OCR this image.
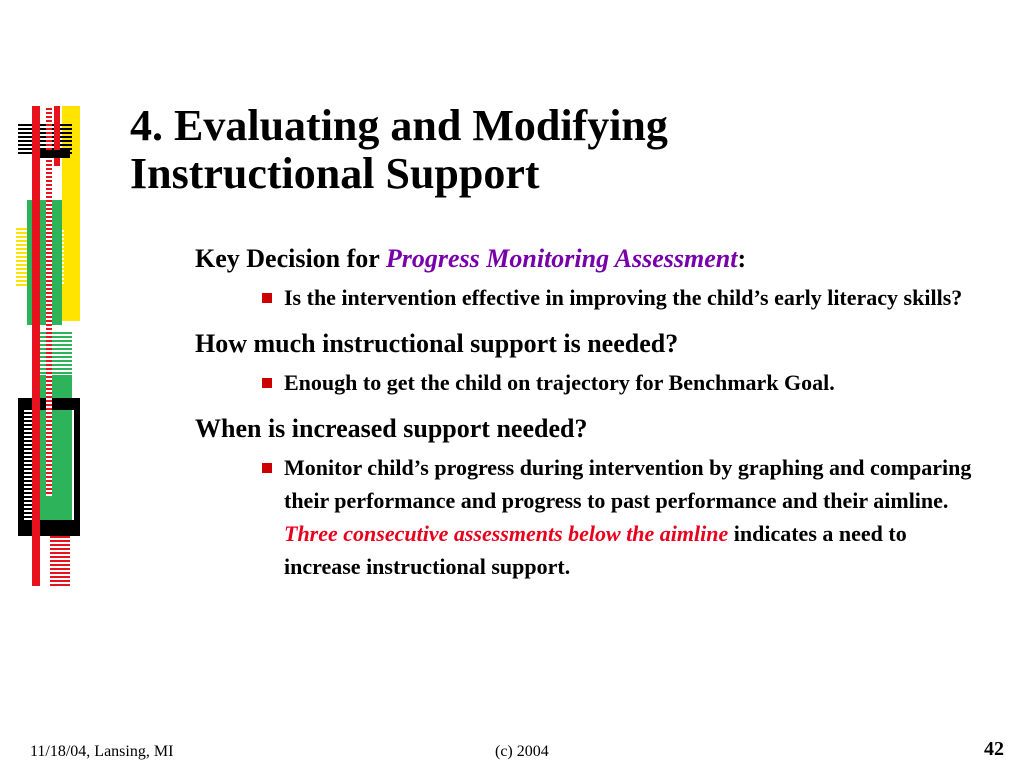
4. Evaluating and Modifying
Instructional Support

Key Decision for Progress Monitoring Assessment:

Is the intervention effective in improving the child’s early literacy skills?

How much instructional support is needed?

Enough to get the child on trajectory for Benchmark Goal.

When is increased support needed?

Monitor child’s progress during intervention by graphing and comparing their performance and progress to past performance and their aimline. Three consecutive assessments below the aimline indicates a need to increase instructional support.
11/18/04, Lansing, MI	(c) 2004	42
